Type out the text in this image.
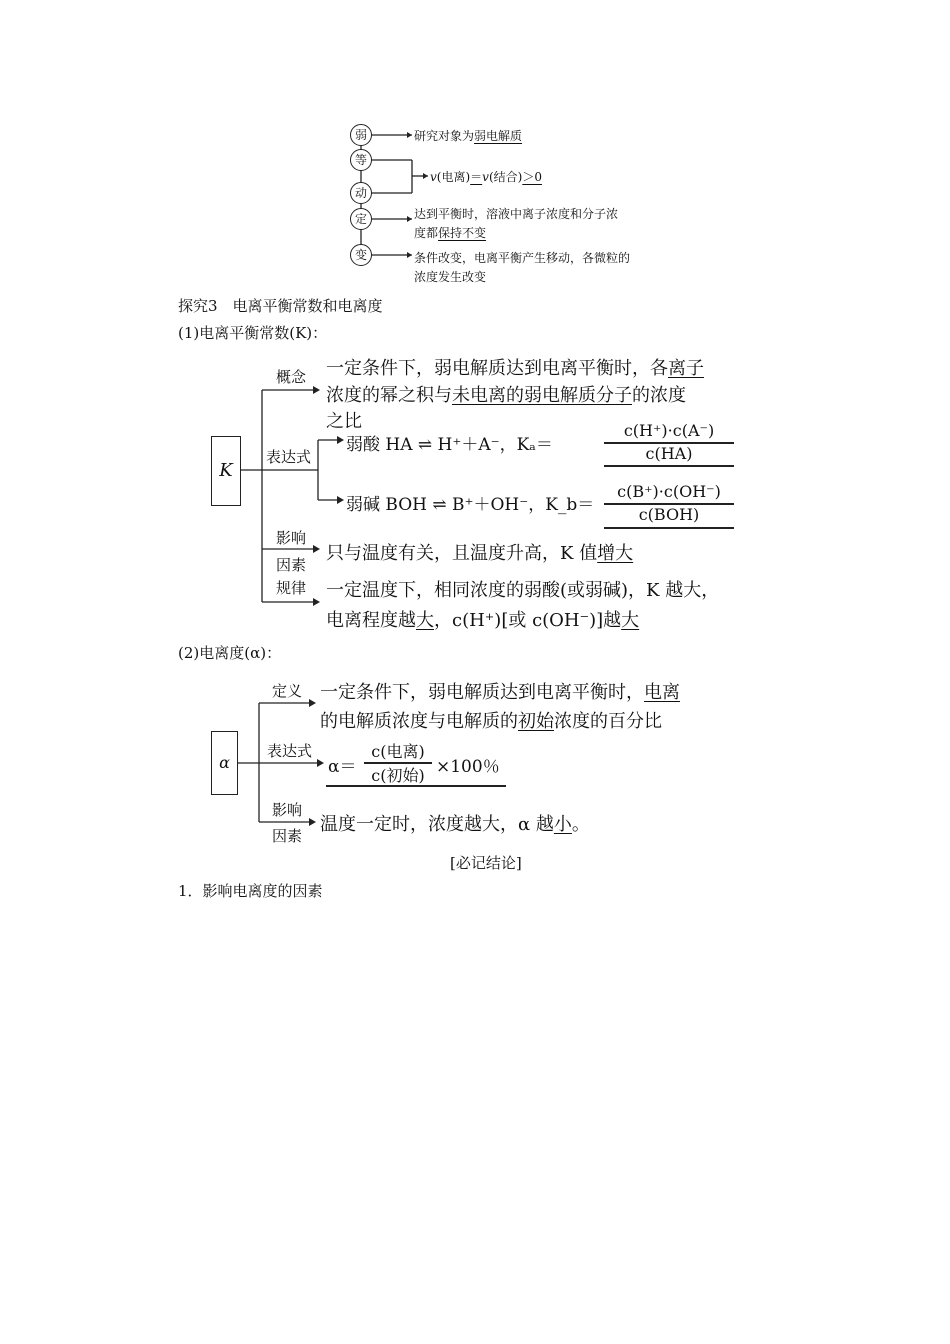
弱
等
动
定
变
研究对象为弱电解质
v(电离)＝v(结合)＞0
达到平衡时，溶液中离子浓度和分子浓
度都保持不变
条件改变，电离平衡产生移动，各微粒的
浓度发生改变
探究3　电离平衡常数和电离度
(1)电离平衡常数(K)：
K
概念
表达式
影响
因素
规律
一定条件下，弱电解质达到电离平衡时，各离子
浓度的幂之积与未电离的弱电解质分子的浓度
之比
弱酸 HA ⇌ H⁺＋A⁻，Kₐ＝
c(H⁺)·c(A⁻)
c(HA)
弱碱 BOH ⇌ B⁺＋OH⁻，K_b＝
c(B⁺)·c(OH⁻)
c(BOH)
只与温度有关，且温度升高，K 值增大
一定温度下，相同浓度的弱酸(或弱碱)，K 越大，
电离程度越大，c(H⁺)[或 c(OH⁻)]越大
(2)电离度(α)：
α
定义
表达式
影响
因素
一定条件下，弱电解质达到电离平衡时，电离
的电解质浓度与电解质的初始浓度的百分比
α＝
c(电离)
c(初始) ×100％
温度一定时，浓度越大，α 越小。
[必记结论]
1．影响电离度的因素
